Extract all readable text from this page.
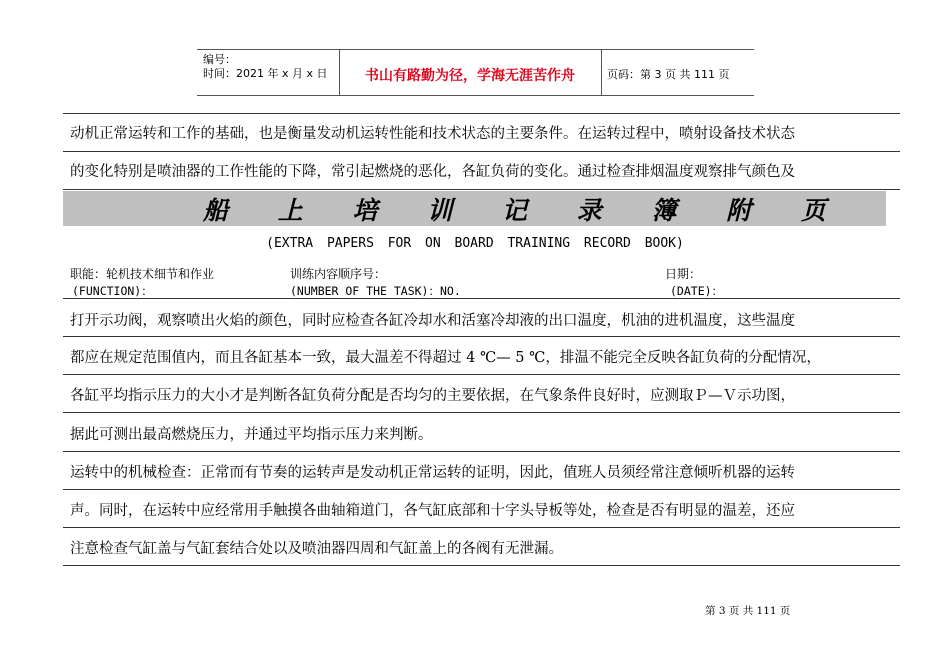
编号：
时间：2021 年 x 月 x 日	书山有路勤为径，学海无涯苦作舟	页码：第 3 页 共 111 页
动机正常运转和工作的基础，也是衡量发动机运转性能和技术状态的主要条件。在运转过程中，喷射设备技术状态
的变化特别是喷油器的工作性能的下降，常引起燃烧的恶化，各缸负荷的变化。通过检查排烟温度观察排气颜色及
船 上 培 训 记 录 簿 附 页
(EXTRA PAPERS FOR ON BOARD TRAINING RECORD BOOK)
职能：轮机技术细节和作业	训练内容顺序号：	日期：
(FUNCTION)：	(NUMBER OF THE TASK)：NO.	(DATE)：
打开示功阀，观察喷出火焰的颜色，同时应检查各缸冷却水和活塞冷却液的出口温度，机油的进机温度，这些温度
都应在规定范围值内，而且各缸基本一致，最大温差不得超过 4 ℃— 5 ℃，排温不能完全反映各缸负荷的分配情况，
各缸平均指示压力的大小才是判断各缸负荷分配是否均匀的主要依据，在气象条件良好时，应测取Ｐ—Ｖ示功图，
据此可测出最高燃烧压力，并通过平均指示压力来判断。
运转中的机械检查：正常而有节奏的运转声是发动机正常运转的证明，因此，值班人员须经常注意倾听机器的运转
声。同时，在运转中应经常用手触摸各曲轴箱道门，各气缸底部和十字头导板等处，检查是否有明显的温差，还应
注意检查气缸盖与气缸套结合处以及喷油器四周和气缸盖上的各阀有无泄漏。
第 3 页 共 111 页
